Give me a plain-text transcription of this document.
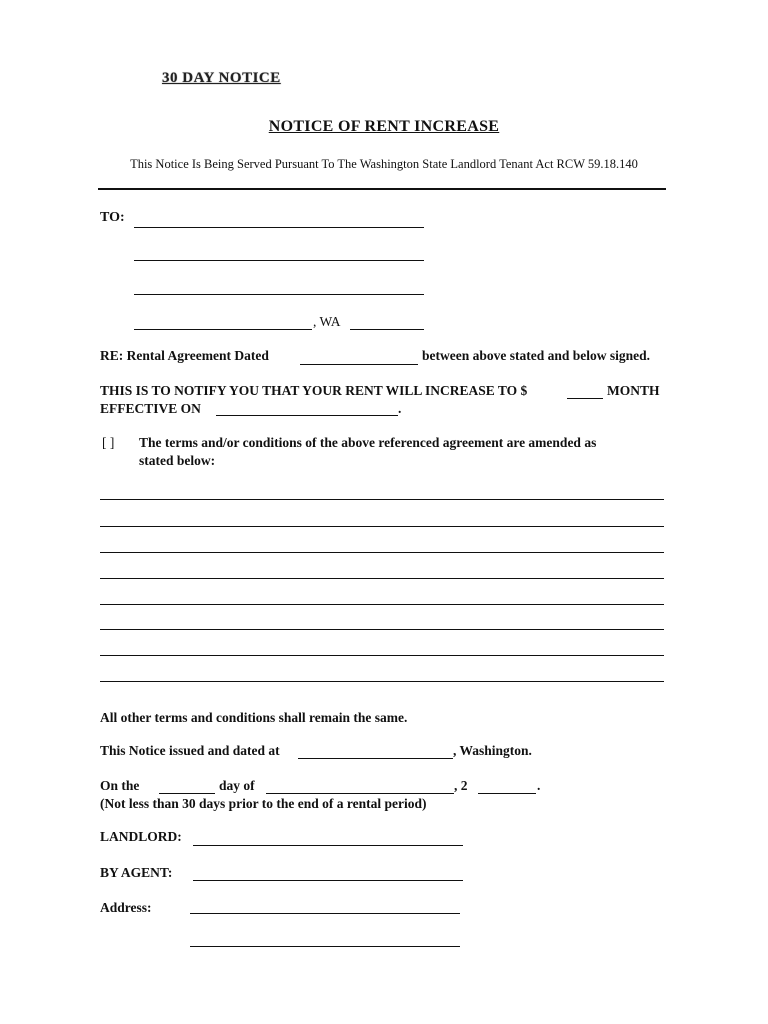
30 DAY NOTICE
NOTICE OF RENT INCREASE
This Notice Is Being Served Pursuant To The Washington State Landlord Tenant Act RCW 59.18.140
TO:
, WA
RE: Rental Agreement Dated	between above stated and below signed.
THIS IS TO NOTIFY YOU THAT YOUR RENT WILL INCREASE TO $	MONTH
EFFECTIVE ON	.
[ ] The terms and/or conditions of the above referenced agreement are amended as
stated below:
All other terms and conditions shall remain the same.
This Notice issued and dated at	, Washington.
On the	day of	, 2	.
(Not less than 30 days prior to the end of a rental period)
LANDLORD:
BY AGENT:
Address:
